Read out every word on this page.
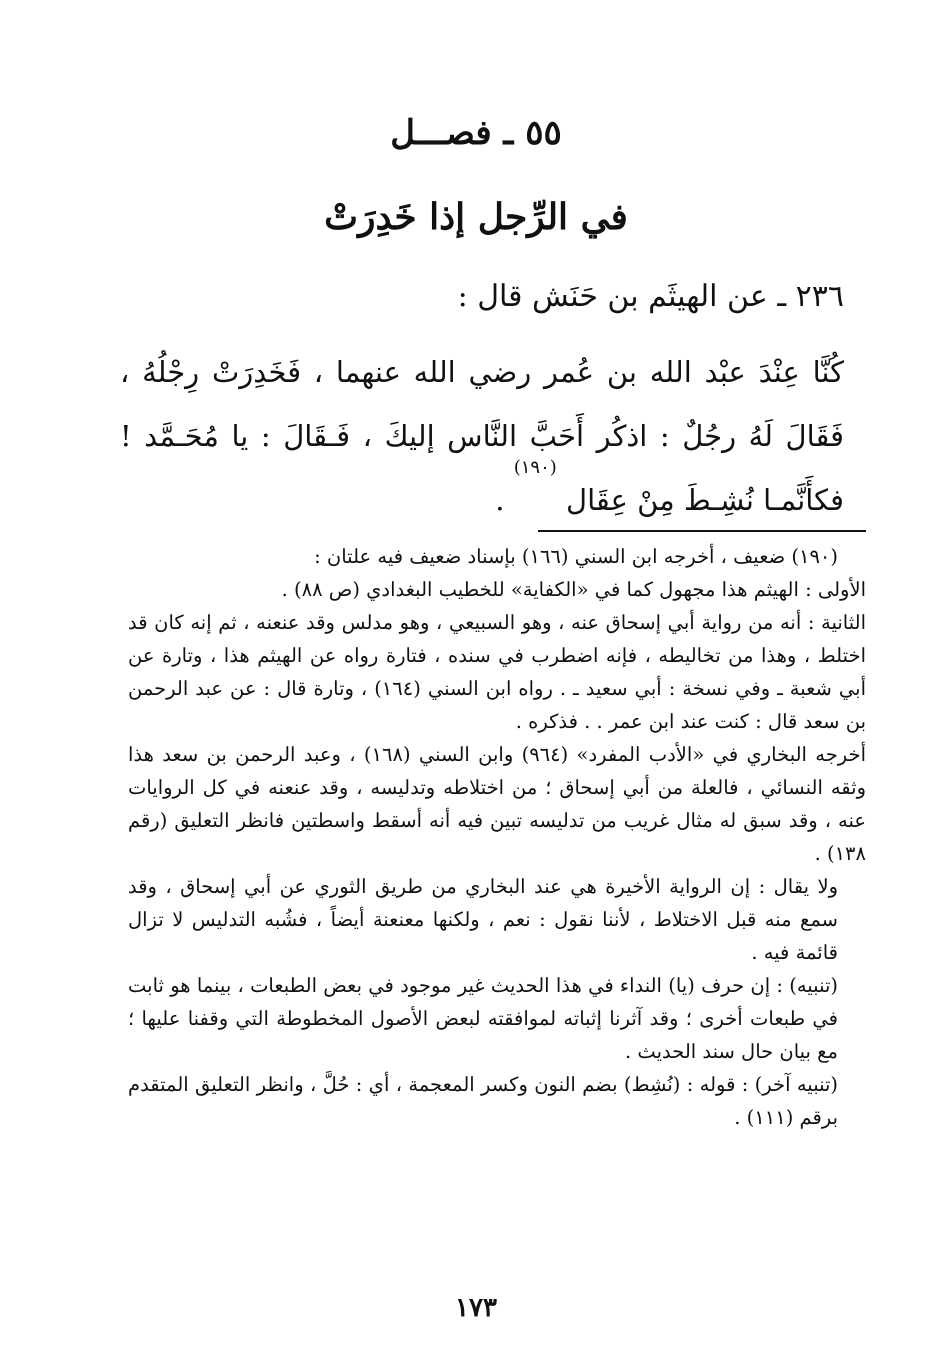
٥٥ ـ فصـــل
في الرِّجل إذا خَدِرَتْ
٢٣٦ ـ عن الهيثَم بن حَنَش قال :
كُنَّا عِنْدَ عبْد الله بن عُمر رضي الله عنهما ، فَخَدِرَتْ رِجْلُهُ ، فَقَالَ لَهُ رجُلٌ : اذكُر أَحَبَّ النَّاس إليكَ ، فَـقَالَ : يا مُحَـمَّد ! فكأَنَّمـا نُشِـطَ مِنْ عِقَال $^{(١٩٠)}$ .

(١٩٠) ضعيف ، أخرجه ابن السني (١٦٦) بإسناد ضعيف فيه علتان :

الأولى : الهيثم هذا مجهول كما في «الكفاية» للخطيب البغدادي (ص ٨٨) .

الثانية : أنه من رواية أبي إسحاق عنه ، وهو السبيعي ، وهو مدلس وقد عنعنه ، ثم إنه كان قد اختلط ، وهذا من تخاليطه ، فإنه اضطرب في سنده ، فتارة رواه عن الهيثم هذا ، وتارة عن أبي شعبة ـ وفي نسخة : أبي سعيد ـ . رواه ابن السني (١٦٤) ، وتارة قال : عن عبد الرحمن بن سعد قال : كنت عند ابن عمر . . فذكره .

أخرجه البخاري في «الأدب المفرد» (٩٦٤) وابن السني (١٦٨) ، وعبد الرحمن بن سعد هذا وثقه النسائي ، فالعلة من أبي إسحاق ؛ من اختلاطه وتدليسه ، وقد عنعنه في كل الروايات عنه ، وقد سبق له مثال غريب من تدليسه تبين فيه أنه أسقط واسطتين فانظر التعليق (رقم ١٣٨) .

ولا يقال : إن الرواية الأخيرة هي عند البخاري من طريق الثوري عن أبي إسحاق ، وقد سمع منه قبل الاختلاط ، لأننا نقول : نعم ، ولكنها معنعنة أيضاً ، فشُبه التدليس لا تزال قائمة فيه .

(تنبيه) : إن حرف (يا) النداء في هذا الحديث غير موجود في بعض الطبعات ، بينما هو ثابت في طبعات أخرى ؛ وقد آثرنا إثباته لموافقته لبعض الأصول المخطوطة التي وقفنا عليها ؛ مع بيان حال سند الحديث .

(تنبيه آخر) : قوله : (نُشِط) بضم النون وكسر المعجمة ، أي : حُلَّ ، وانظر التعليق المتقدم برقم (١١١) .

١٧٣
